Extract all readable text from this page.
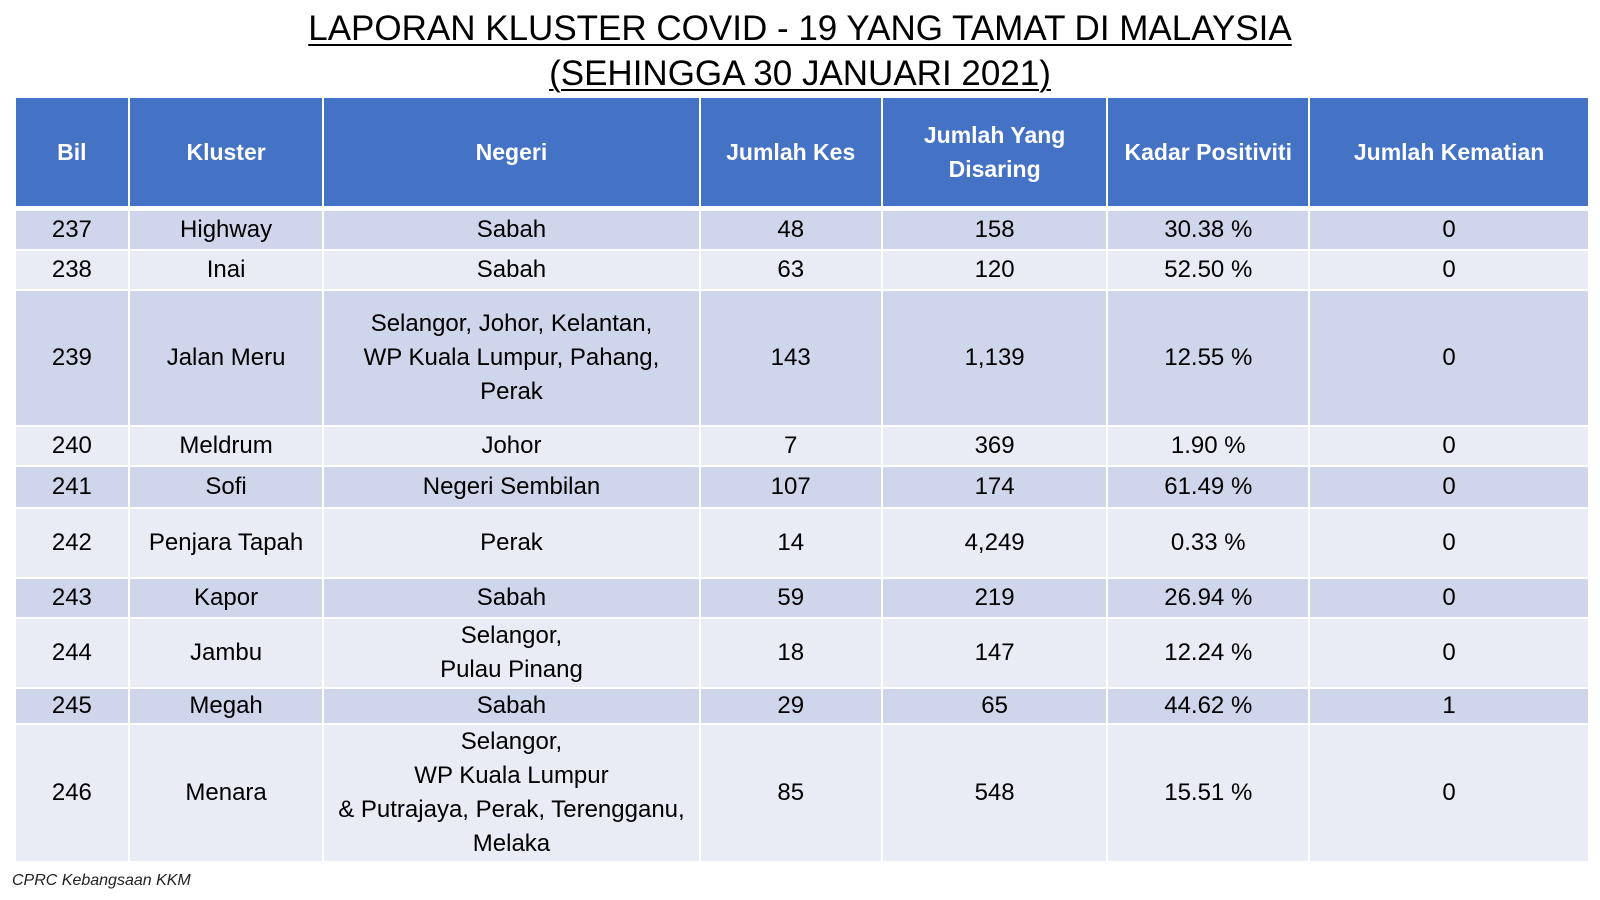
LAPORAN KLUSTER COVID - 19 YANG TAMAT DI MALAYSIA
(SEHINGGA 30 JANUARI 2021)
Bil	Kluster	Negeri	Jumlah Kes	Jumlah Yang Disaring	Kadar Positiviti	Jumlah Kematian
237	Highway	Sabah	48	158	30.38 %	0
238	Inai	Sabah	63	120	52.50 %	0
239	Jalan Meru	Selangor, Johor, Kelantan,
WP Kuala Lumpur, Pahang,
Perak	143	1,139	12.55 %	0
240	Meldrum	Johor	7	369	1.90 %	0
241	Sofi	Negeri Sembilan	107	174	61.49 %	0
242	Penjara Tapah	Perak	14	4,249	0.33 %	0
243	Kapor	Sabah	59	219	26.94 %	0
244	Jambu	Selangor,
Pulau Pinang	18	147	12.24 %	0
245	Megah	Sabah	29	65	44.62 %	1
246	Menara	Selangor,
WP Kuala Lumpur
& Putrajaya, Perak, Terengganu,
Melaka	85	548	15.51 %	0
CPRC Kebangsaan KKM
